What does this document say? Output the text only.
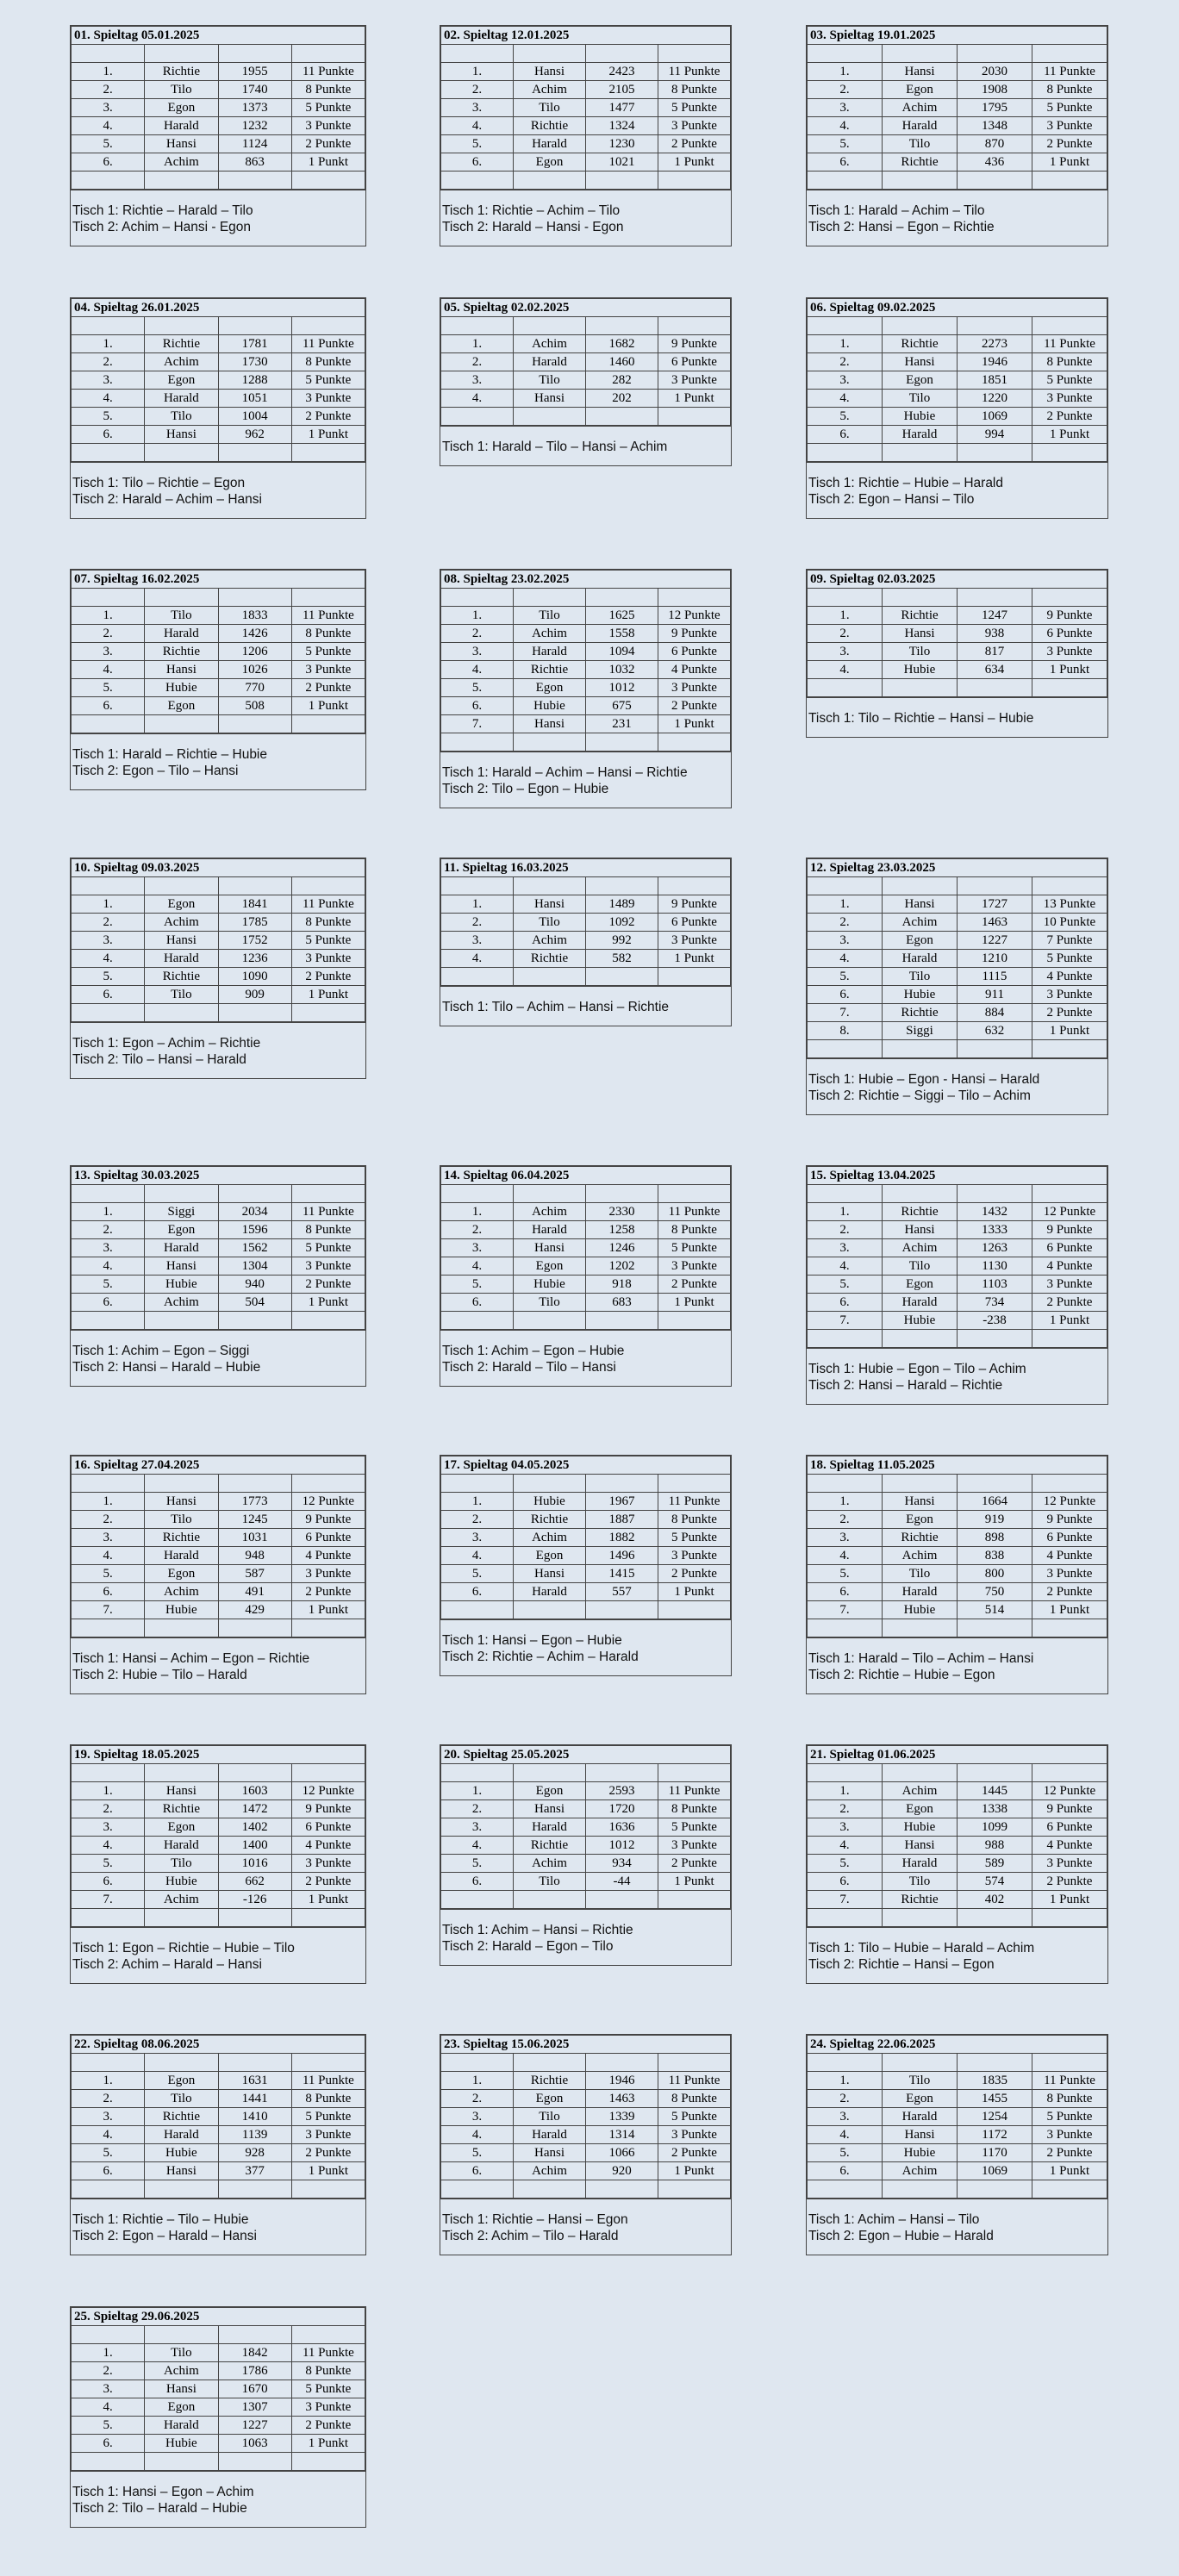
01. Spieltag 05.01.2025			

1.	Richtie	1955	11 Punkte
2.	Tilo	1740	8 Punkte
3.	Egon	1373	5 Punkte
4.	Harald	1232	3 Punkte
5.	Hansi	1124	2 Punkte
6.	Achim	863	1 Punkt

Tisch 1: Richtie – Harald – Tilo
Tisch 2: Achim – Hansi - Egon
02. Spieltag 12.01.2025			

1.	Hansi	2423	11 Punkte
2.	Achim	2105	8 Punkte
3.	Tilo	1477	5 Punkte
4.	Richtie	1324	3 Punkte
5.	Harald	1230	2 Punkte
6.	Egon	1021	1 Punkt

Tisch 1: Richtie – Achim – Tilo
Tisch 2: Harald – Hansi - Egon
03. Spieltag 19.01.2025			

1.	Hansi	2030	11 Punkte
2.	Egon	1908	8 Punkte
3.	Achim	1795	5 Punkte
4.	Harald	1348	3 Punkte
5.	Tilo	870	2 Punkte
6.	Richtie	436	1 Punkt

Tisch 1: Harald – Achim – Tilo
Tisch 2: Hansi – Egon – Richtie
04. Spieltag 26.01.2025			

1.	Richtie	1781	11 Punkte
2.	Achim	1730	8 Punkte
3.	Egon	1288	5 Punkte
4.	Harald	1051	3 Punkte
5.	Tilo	1004	2 Punkte
6.	Hansi	962	1 Punkt

Tisch 1: Tilo – Richtie – Egon
Tisch 2: Harald – Achim – Hansi
05. Spieltag 02.02.2025			

1.	Achim	1682	9 Punkte
2.	Harald	1460	6 Punkte
3.	Tilo	282	3 Punkte
4.	Hansi	202	1 Punkt

Tisch 1: Harald – Tilo – Hansi – Achim
06. Spieltag 09.02.2025			

1.	Richtie	2273	11 Punkte
2.	Hansi	1946	8 Punkte
3.	Egon	1851	5 Punkte
4.	Tilo	1220	3 Punkte
5.	Hubie	1069	2 Punkte
6.	Harald	994	1 Punkt

Tisch 1: Richtie – Hubie – Harald
Tisch 2: Egon – Hansi – Tilo
07. Spieltag 16.02.2025			

1.	Tilo	1833	11 Punkte
2.	Harald	1426	8 Punkte
3.	Richtie	1206	5 Punkte
4.	Hansi	1026	3 Punkte
5.	Hubie	770	2 Punkte
6.	Egon	508	1 Punkt

Tisch 1: Harald – Richtie – Hubie
Tisch 2: Egon – Tilo – Hansi
08. Spieltag 23.02.2025			

1.	Tilo	1625	12 Punkte
2.	Achim	1558	9 Punkte
3.	Harald	1094	6 Punkte
4.	Richtie	1032	4 Punkte
5.	Egon	1012	3 Punkte
6.	Hubie	675	2 Punkte
7.	Hansi	231	1 Punkt

Tisch 1: Harald – Achim – Hansi – Richtie
Tisch 2: Tilo – Egon – Hubie
09. Spieltag 02.03.2025			

1.	Richtie	1247	9 Punkte
2.	Hansi	938	6 Punkte
3.	Tilo	817	3 Punkte
4.	Hubie	634	1 Punkt

Tisch 1: Tilo – Richtie – Hansi – Hubie
10. Spieltag 09.03.2025			

1.	Egon	1841	11 Punkte
2.	Achim	1785	8 Punkte
3.	Hansi	1752	5 Punkte
4.	Harald	1236	3 Punkte
5.	Richtie	1090	2 Punkte
6.	Tilo	909	1 Punkt

Tisch 1: Egon – Achim – Richtie
Tisch 2: Tilo – Hansi – Harald
11. Spieltag 16.03.2025			

1.	Hansi	1489	9 Punkte
2.	Tilo	1092	6 Punkte
3.	Achim	992	3 Punkte
4.	Richtie	582	1 Punkt

Tisch 1: Tilo – Achim – Hansi – Richtie
12. Spieltag 23.03.2025			

1.	Hansi	1727	13 Punkte
2.	Achim	1463	10 Punkte
3.	Egon	1227	7 Punkte
4.	Harald	1210	5 Punkte
5.	Tilo	1115	4 Punkte
6.	Hubie	911	3 Punkte
7.	Richtie	884	2 Punkte
8.	Siggi	632	1 Punkt

Tisch 1: Hubie – Egon - Hansi – Harald
Tisch 2: Richtie – Siggi – Tilo – Achim
13. Spieltag 30.03.2025			

1.	Siggi	2034	11 Punkte
2.	Egon	1596	8 Punkte
3.	Harald	1562	5 Punkte
4.	Hansi	1304	3 Punkte
5.	Hubie	940	2 Punkte
6.	Achim	504	1 Punkt

Tisch 1: Achim – Egon – Siggi
Tisch 2: Hansi – Harald – Hubie
14. Spieltag 06.04.2025			

1.	Achim	2330	11 Punkte
2.	Harald	1258	8 Punkte
3.	Hansi	1246	5 Punkte
4.	Egon	1202	3 Punkte
5.	Hubie	918	2 Punkte
6.	Tilo	683	1 Punkt

Tisch 1: Achim – Egon – Hubie
Tisch 2: Harald – Tilo – Hansi
15. Spieltag 13.04.2025			

1.	Richtie	1432	12 Punkte
2.	Hansi	1333	9 Punkte
3.	Achim	1263	6 Punkte
4.	Tilo	1130	4 Punkte
5.	Egon	1103	3 Punkte
6.	Harald	734	2 Punkte
7.	Hubie	-238	1 Punkt

Tisch 1: Hubie – Egon – Tilo – Achim
Tisch 2: Hansi – Harald – Richtie
16. Spieltag 27.04.2025			

1.	Hansi	1773	12 Punkte
2.	Tilo	1245	9 Punkte
3.	Richtie	1031	6 Punkte
4.	Harald	948	4 Punkte
5.	Egon	587	3 Punkte
6.	Achim	491	2 Punkte
7.	Hubie	429	1 Punkt

Tisch 1: Hansi – Achim – Egon – Richtie
Tisch 2: Hubie – Tilo – Harald
17. Spieltag 04.05.2025			

1.	Hubie	1967	11 Punkte
2.	Richtie	1887	8 Punkte
3.	Achim	1882	5 Punkte
4.	Egon	1496	3 Punkte
5.	Hansi	1415	2 Punkte
6.	Harald	557	1 Punkt

Tisch 1: Hansi – Egon – Hubie
Tisch 2: Richtie – Achim – Harald
18. Spieltag 11.05.2025			

1.	Hansi	1664	12 Punkte
2.	Egon	919	9 Punkte
3.	Richtie	898	6 Punkte
4.	Achim	838	4 Punkte
5.	Tilo	800	3 Punkte
6.	Harald	750	2 Punkte
7.	Hubie	514	1 Punkt

Tisch 1: Harald – Tilo – Achim – Hansi
Tisch 2: Richtie – Hubie – Egon
19. Spieltag 18.05.2025			

1.	Hansi	1603	12 Punkte
2.	Richtie	1472	9 Punkte
3.	Egon	1402	6 Punkte
4.	Harald	1400	4 Punkte
5.	Tilo	1016	3 Punkte
6.	Hubie	662	2 Punkte
7.	Achim	-126	1 Punkt

Tisch 1: Egon – Richtie – Hubie – Tilo
Tisch 2: Achim – Harald – Hansi
20. Spieltag 25.05.2025			

1.	Egon	2593	11 Punkte
2.	Hansi	1720	8 Punkte
3.	Harald	1636	5 Punkte
4.	Richtie	1012	3 Punkte
5.	Achim	934	2 Punkte
6.	Tilo	-44	1 Punkt

Tisch 1: Achim – Hansi – Richtie
Tisch 2: Harald – Egon – Tilo
21. Spieltag 01.06.2025			

1.	Achim	1445	12 Punkte
2.	Egon	1338	9 Punkte
3.	Hubie	1099	6 Punkte
4.	Hansi	988	4 Punkte
5.	Harald	589	3 Punkte
6.	Tilo	574	2 Punkte
7.	Richtie	402	1 Punkt

Tisch 1: Tilo – Hubie – Harald – Achim
Tisch 2: Richtie – Hansi – Egon
22. Spieltag 08.06.2025			

1.	Egon	1631	11 Punkte
2.	Tilo	1441	8 Punkte
3.	Richtie	1410	5 Punkte
4.	Harald	1139	3 Punkte
5.	Hubie	928	2 Punkte
6.	Hansi	377	1 Punkt

Tisch 1: Richtie – Tilo – Hubie
Tisch 2: Egon – Harald – Hansi
23. Spieltag 15.06.2025			

1.	Richtie	1946	11 Punkte
2.	Egon	1463	8 Punkte
3.	Tilo	1339	5 Punkte
4.	Harald	1314	3 Punkte
5.	Hansi	1066	2 Punkte
6.	Achim	920	1 Punkt

Tisch 1: Richtie – Hansi – Egon
Tisch 2: Achim – Tilo – Harald
24. Spieltag 22.06.2025			

1.	Tilo	1835	11 Punkte
2.	Egon	1455	8 Punkte
3.	Harald	1254	5 Punkte
4.	Hansi	1172	3 Punkte
5.	Hubie	1170	2 Punkte
6.	Achim	1069	1 Punkt

Tisch 1: Achim – Hansi – Tilo
Tisch 2: Egon – Hubie – Harald
25. Spieltag 29.06.2025			

1.	Tilo	1842	11 Punkte
2.	Achim	1786	8 Punkte
3.	Hansi	1670	5 Punkte
4.	Egon	1307	3 Punkte
5.	Harald	1227	2 Punkte
6.	Hubie	1063	1 Punkt

Tisch 1: Hansi – Egon – Achim
Tisch 2: Tilo – Harald – Hubie
